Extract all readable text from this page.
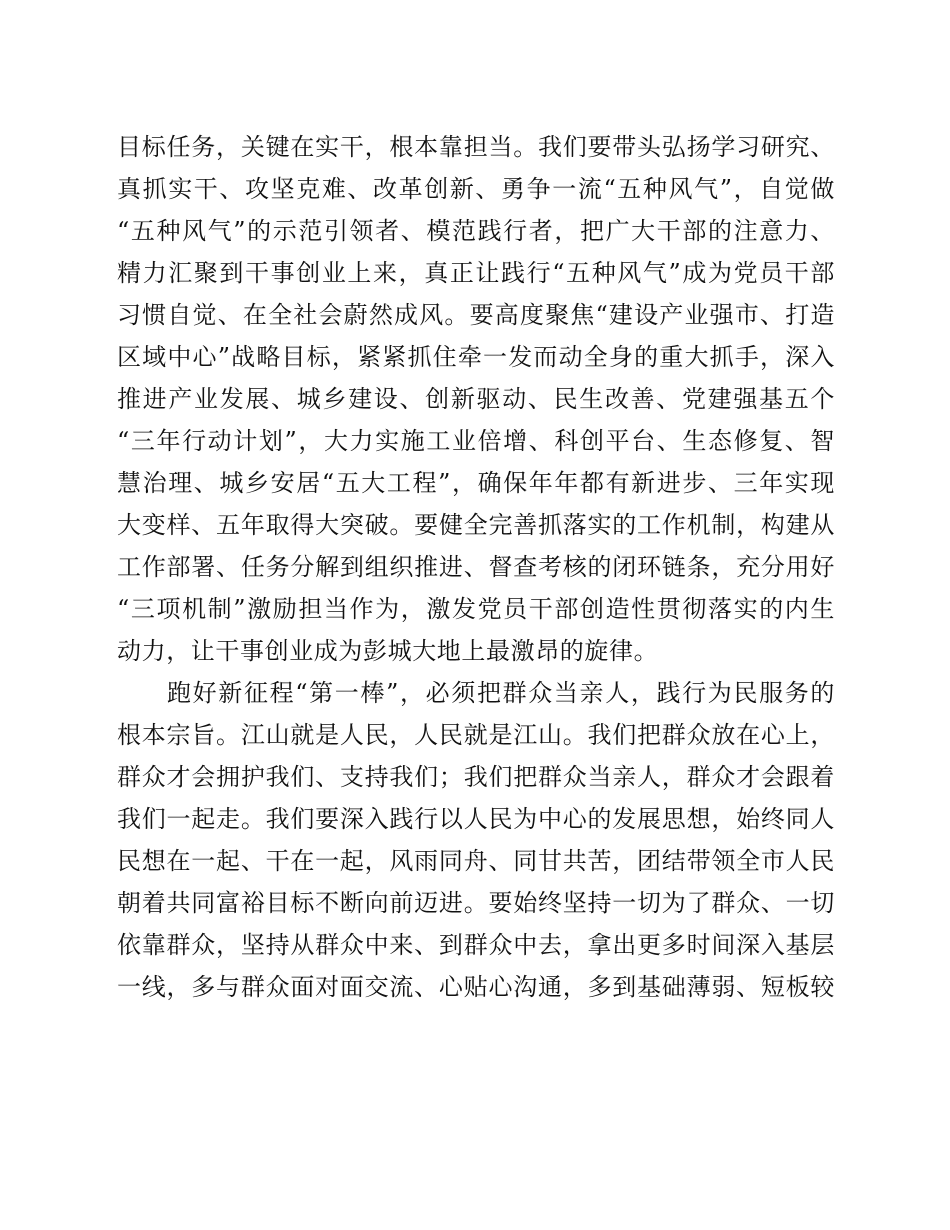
目标任务，关键在实干，根本靠担当。我们要带头弘扬学习研究、
真抓实干、攻坚克难、改革创新、勇争一流“五种风气”，自觉做
“五种风气”的示范引领者、模范践行者，把广大干部的注意力、
精力汇聚到干事创业上来，真正让践行“五种风气”成为党员干部
习惯自觉、在全社会蔚然成风。要高度聚焦“建设产业强市、打造
区域中心”战略目标，紧紧抓住牵一发而动全身的重大抓手，深入
推进产业发展、城乡建设、创新驱动、民生改善、党建强基五个
“三年行动计划”，大力实施工业倍增、科创平台、生态修复、智
慧治理、城乡安居“五大工程”，确保年年都有新进步、三年实现
大变样、五年取得大突破。要健全完善抓落实的工作机制，构建从
工作部署、任务分解到组织推进、督查考核的闭环链条，充分用好
“三项机制”激励担当作为，激发党员干部创造性贯彻落实的内生
动力，让干事创业成为彭城大地上最激昂的旋律。
跑好新征程“第一棒”，必须把群众当亲人，践行为民服务的
根本宗旨。江山就是人民，人民就是江山。我们把群众放在心上，
群众才会拥护我们、支持我们；我们把群众当亲人，群众才会跟着
我们一起走。我们要深入践行以人民为中心的发展思想，始终同人
民想在一起、干在一起，风雨同舟、同甘共苦，团结带领全市人民
朝着共同富裕目标不断向前迈进。要始终坚持一切为了群众、一切
依靠群众，坚持从群众中来、到群众中去，拿出更多时间深入基层
一线，多与群众面对面交流、心贴心沟通，多到基础薄弱、短板较
